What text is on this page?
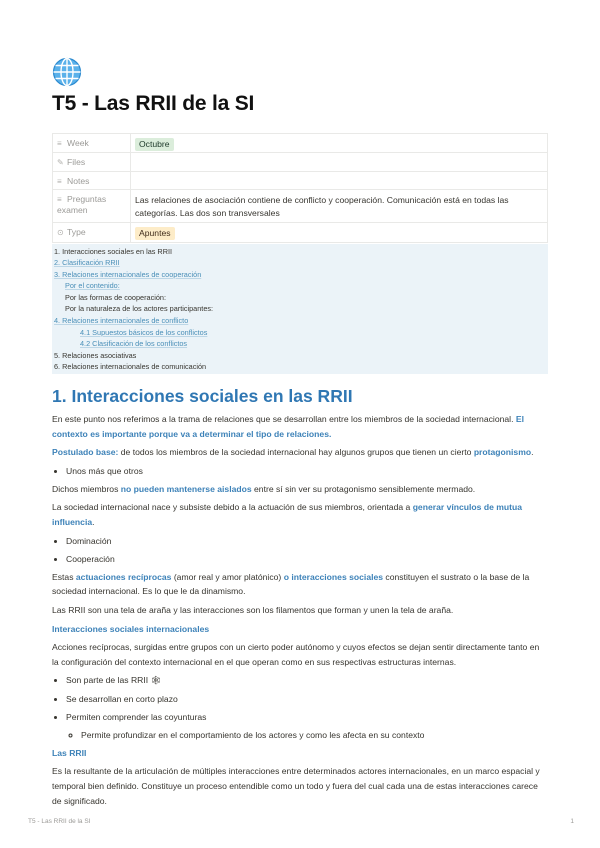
T5 - Las RRII de la SI
≡ Week	Octubre
✎ Files	
≡ Notes	
≡ Preguntas examen	Las relaciones de asociación contiene de conflicto y cooperación. Comunicación está en todas las categorías. Las dos son transversales
⊙ Type	Apuntes
1. Interacciones sociales en las RRII
2. Clasificación RRII
3. Relaciones internacionales de cooperación
Por el contenido:
Por las formas de cooperación:
Por la naturaleza de los actores participantes:
4. Relaciones internacionales de conflicto
4.1 Supuestos básicos de los conflictos
4.2 Clasificación de los conflictos
5. Relaciones asociativas
6. Relaciones internacionales de comunicación
1. Interacciones sociales en las RRII

En este punto nos referimos a la trama de relaciones que se desarrollan entre los miembros de la sociedad internacional. El contexto es importante porque va a determinar el tipo de relaciones.

Postulado base: de todos los miembros de la sociedad internacional hay algunos grupos que tienen un cierto protagonismo.

• Unos más que otros

Dichos miembros no pueden mantenerse aislados entre sí sin ver su protagonismo sensiblemente mermado.

La sociedad internacional nace y subsiste debido a la actuación de sus miembros, orientada a generar vínculos de mutua influencia.

• Dominación
• Cooperación

Estas actuaciones recíprocas (amor real y amor platónico) o interacciones sociales constituyen el sustrato o la base de la sociedad internacional. Es lo que le da dinamismo.

Las RRII son una tela de araña y las interacciones son los filamentos que forman y unen la tela de araña.

Interacciones sociales internacionales

Acciones recíprocas, surgidas entre grupos con un cierto poder autónomo y cuyos efectos se dejan sentir directamente tanto en la configuración del contexto internacional en el que operan como en sus respectivas estructuras internas.

• Son parte de las RRII 🕸
• Se desarrollan en corto plazo
• Permiten comprender las coyunturas
◦ Permite profundizar en el comportamiento de los actores y como les afecta en su contexto

Las RRII

Es la resultante de la articulación de múltiples interacciones entre determinados actores internacionales, en un marco espacial y temporal bien definido. Constituye un proceso entendible como un todo y fuera del cual cada una de estas interacciones carece de significado.

T5 - Las RRII de la SI	1
